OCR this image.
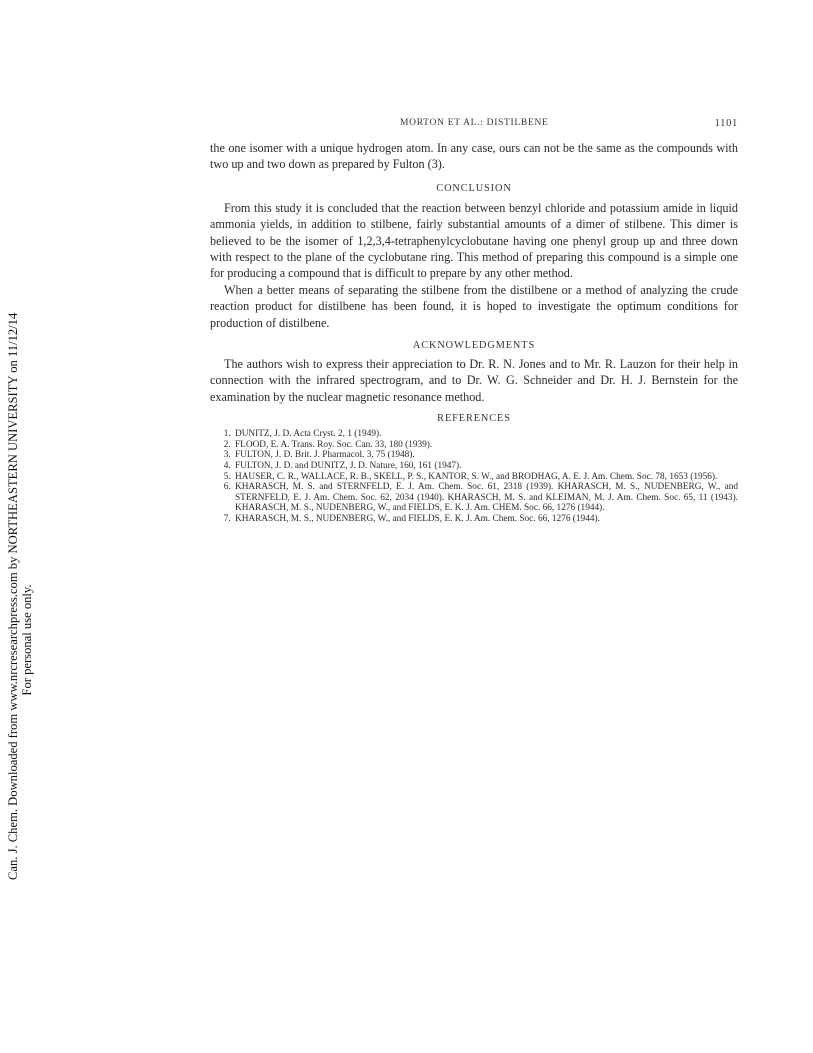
Can. J. Chem. Downloaded from www.nrcresearchpress.com by NORTHEASTERN UNIVERSITY on 11/12/14 For personal use only.
MORTON ET AL.: DISTILBENE	1101

the one isomer with a unique hydrogen atom. In any case, ours can not be the same as the compounds with two up and two down as prepared by Fulton (3).

CONCLUSION

From this study it is concluded that the reaction between benzyl chloride and potassium amide in liquid ammonia yields, in addition to stilbene, fairly substantial amounts of a dimer of stilbene. This dimer is believed to be the isomer of 1,2,3,4-tetraphenylcyclobutane having one phenyl group up and three down with respect to the plane of the cyclobutane ring. This method of preparing this compound is a simple one for producing a compound that is difficult to prepare by any other method.

When a better means of separating the stilbene from the distilbene or a method of analyzing the crude reaction product for distilbene has been found, it is hoped to investigate the optimum conditions for production of distilbene.

ACKNOWLEDGMENTS

The authors wish to express their appreciation to Dr. R. N. Jones and to Mr. R. Lauzon for their help in connection with the infrared spectrogram, and to Dr. W. G. Schneider and Dr. H. J. Bernstein for the examination by the nuclear magnetic resonance method.

REFERENCES
1. DUNITZ, J. D. Acta Cryst. 2, 1 (1949).
2. FLOOD, E. A. Trans. Roy. Soc. Can. 33, 180 (1939).
3. FULTON, J. D. Brit. J. Pharmacol. 3, 75 (1948).
4. FULTON, J. D. and DUNITZ, J. D. Nature, 160, 161 (1947).
5. HAUSER, C. R., WALLACE, R. B., SKELL, P. S., KANTOR, S. W., and BRODHAG, A. E. J. Am. Chem. Soc. 78, 1653 (1956).
6. KHARASCH, M. S. and STERNFELD, E. J. Am. Chem. Soc. 61, 2318 (1939). KHARASCH, M. S., NUDENBERG, W., and STERNFELD, E. J. Am. Chem. Soc. 62, 2034 (1940). KHARASCH, M. S. and KLEIMAN, M. J. Am. Chem. Soc. 65, 11 (1943). KHARASCH, M. S., NUDENBERG, W., and FIELDS, E. K. J. Am. CHEM. Soc. 66, 1276 (1944).
7. KHARASCH, M. S., NUDENBERG, W., and FIELDS, E. K. J. Am. Chem. Soc. 66, 1276 (1944).
